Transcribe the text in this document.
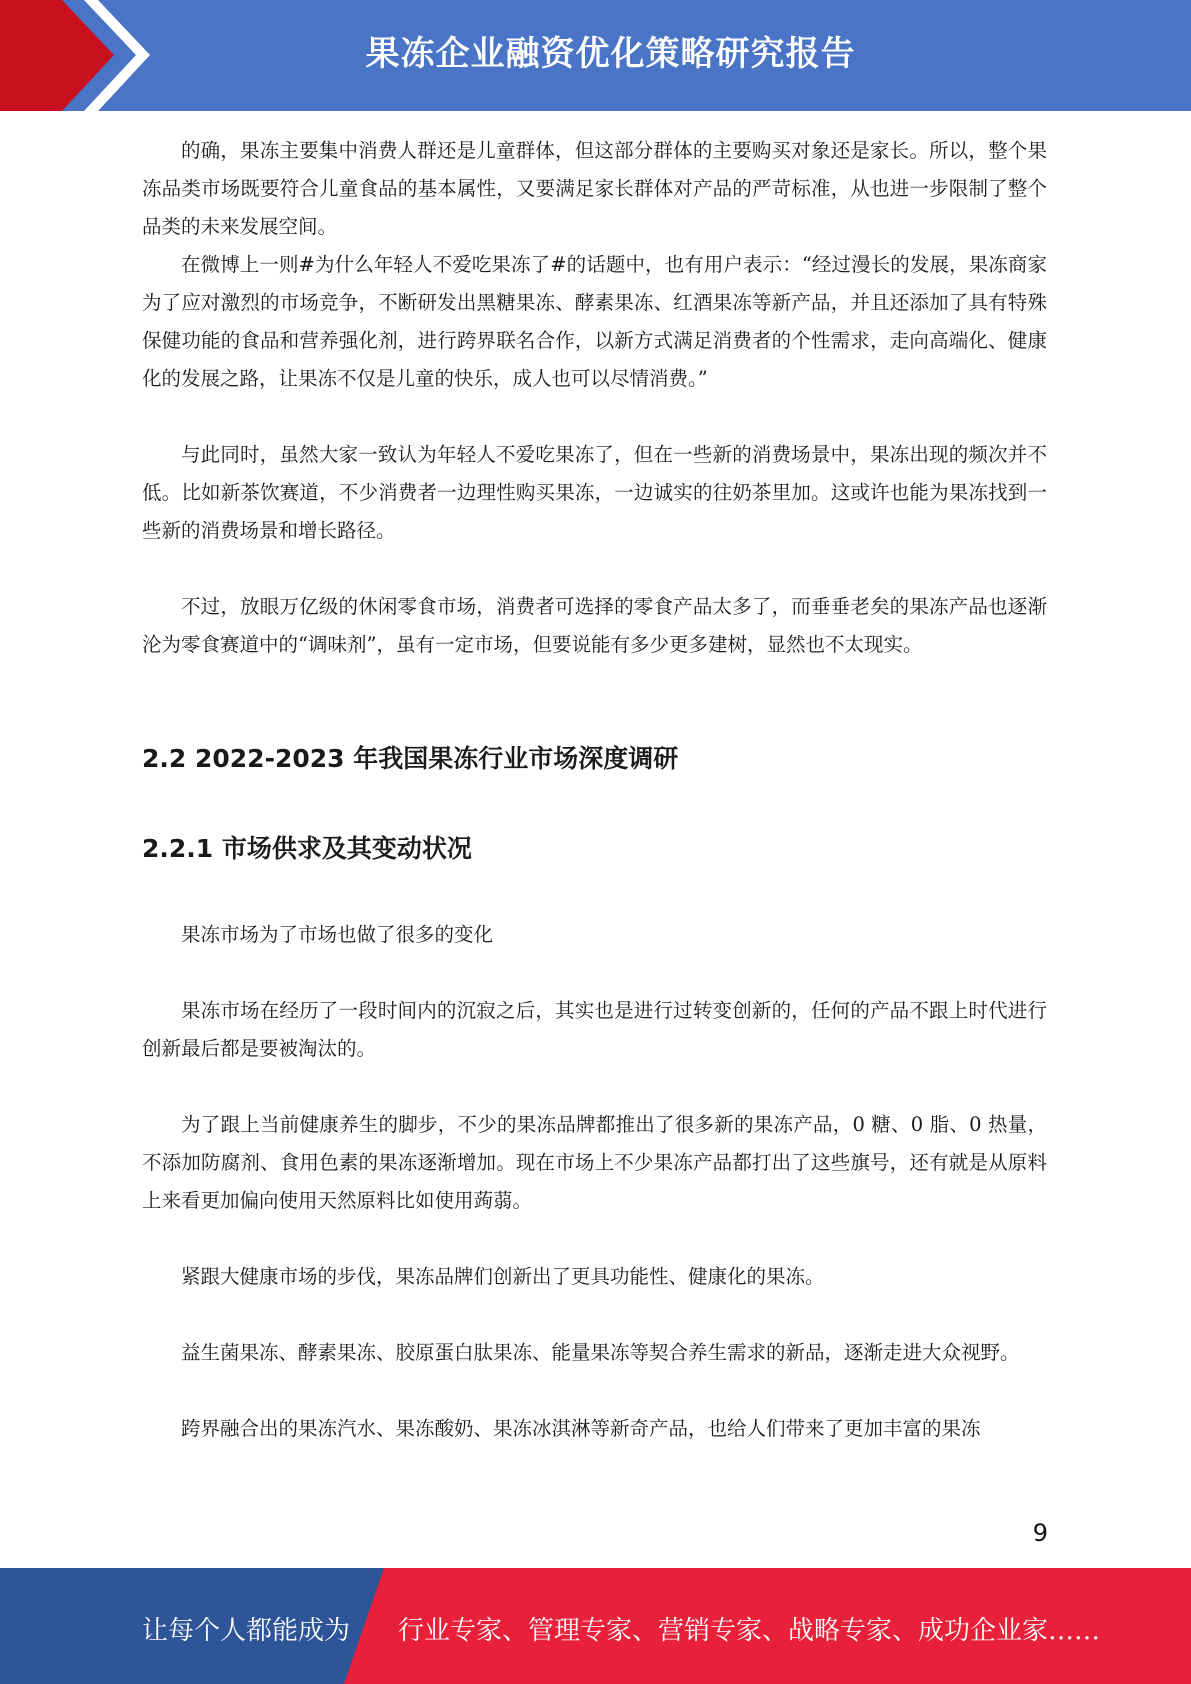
果冻企业融资优化策略研究报告

的确，果冻主要集中消费人群还是儿童群体，但这部分群体的主要购买对象还是家长。所以，整个果冻品类市场既要符合儿童食品的基本属性，又要满足家长群体对产品的严苛标准，从也进一步限制了整个品类的未来发展空间。

在微博上一则#为什么年轻人不爱吃果冻了#的话题中，也有用户表示：“经过漫长的发展，果冻商家为了应对激烈的市场竞争，不断研发出黑糖果冻、酵素果冻、红酒果冻等新产品，并且还添加了具有特殊保健功能的食品和营养强化剂，进行跨界联名合作，以新方式满足消费者的个性需求，走向高端化、健康化的发展之路，让果冻不仅是儿童的快乐，成人也可以尽情消费。”

与此同时，虽然大家一致认为年轻人不爱吃果冻了，但在一些新的消费场景中，果冻出现的频次并不低。比如新茶饮赛道，不少消费者一边理性购买果冻，一边诚实的往奶茶里加。这或许也能为果冻找到一些新的消费场景和增长路径。

不过，放眼万亿级的休闲零食市场，消费者可选择的零食产品太多了，而垂垂老矣的果冻产品也逐渐沦为零食赛道中的“调味剂”，虽有一定市场，但要说能有多少更多建树，显然也不太现实。

2.2 2022-2023 年我国果冻行业市场深度调研
2.2.1 市场供求及其变动状况

果冻市场为了市场也做了很多的变化

果冻市场在经历了一段时间内的沉寂之后，其实也是进行过转变创新的，任何的产品不跟上时代进行创新最后都是要被淘汰的。

为了跟上当前健康养生的脚步，不少的果冻品牌都推出了很多新的果冻产品，0 糖、0 脂、0 热量，不添加防腐剂、食用色素的果冻逐渐增加。现在市场上不少果冻产品都打出了这些旗号，还有就是从原料上来看更加偏向使用天然原料比如使用蒟蒻。

紧跟大健康市场的步伐，果冻品牌们创新出了更具功能性、健康化的果冻。

益生菌果冻、酵素果冻、胶原蛋白肽果冻、能量果冻等契合养生需求的新品，逐渐走进大众视野。

跨界融合出的果冻汽水、果冻酸奶、果冻冰淇淋等新奇产品，也给人们带来了更加丰富的果冻

9
让每个人都能成为 行业专家、管理专家、营销专家、战略专家、成功企业家……
